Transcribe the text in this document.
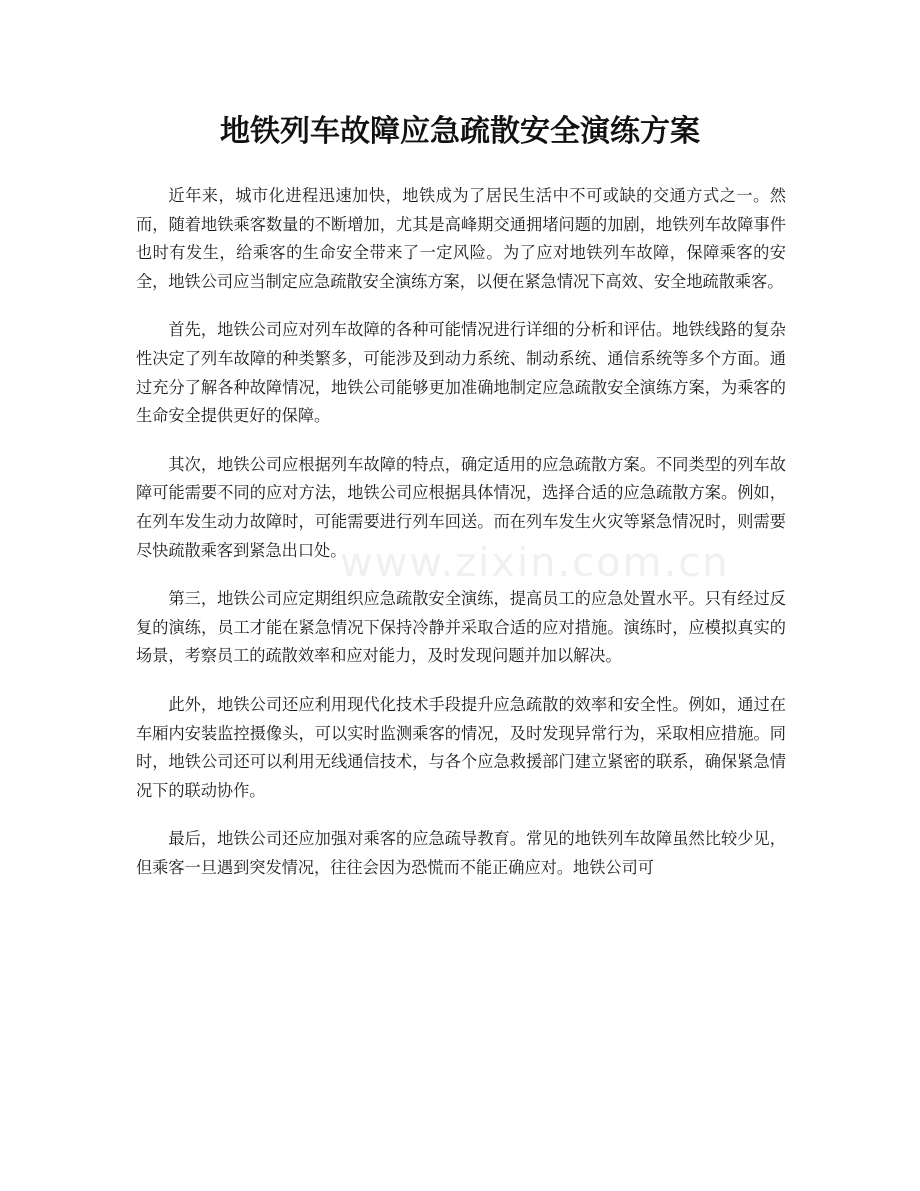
地铁列车故障应急疏散安全演练方案

近年来，城市化进程迅速加快，地铁成为了居民生活中不可或缺的交通方式之一。然而，随着地铁乘客数量的不断增加，尤其是高峰期交通拥堵问题的加剧，地铁列车故障事件也时有发生，给乘客的生命安全带来了一定风险。为了应对地铁列车故障，保障乘客的安全，地铁公司应当制定应急疏散安全演练方案，以便在紧急情况下高效、安全地疏散乘客。

首先，地铁公司应对列车故障的各种可能情况进行详细的分析和评估。地铁线路的复杂性决定了列车故障的种类繁多，可能涉及到动力系统、制动系统、通信系统等多个方面。通过充分了解各种故障情况，地铁公司能够更加准确地制定应急疏散安全演练方案，为乘客的生命安全提供更好的保障。

其次，地铁公司应根据列车故障的特点，确定适用的应急疏散方案。不同类型的列车故障可能需要不同的应对方法，地铁公司应根据具体情况，选择合适的应急疏散方案。例如，在列车发生动力故障时，可能需要进行列车回送。而在列车发生火灾等紧急情况时，则需要尽快疏散乘客到紧急出口处。

第三，地铁公司应定期组织应急疏散安全演练，提高员工的应急处置水平。只有经过反复的演练，员工才能在紧急情况下保持冷静并采取合适的应对措施。演练时，应模拟真实的场景，考察员工的疏散效率和应对能力，及时发现问题并加以解决。

此外，地铁公司还应利用现代化技术手段提升应急疏散的效率和安全性。例如，通过在车厢内安装监控摄像头，可以实时监测乘客的情况，及时发现异常行为，采取相应措施。同时，地铁公司还可以利用无线通信技术，与各个应急救援部门建立紧密的联系，确保紧急情况下的联动协作。

最后，地铁公司还应加强对乘客的应急疏导教育。常见的地铁列车故障虽然比较少见，但乘客一旦遇到突发情况，往往会因为恐慌而不能正确应对。地铁公司可

www.zixin.com.cn
